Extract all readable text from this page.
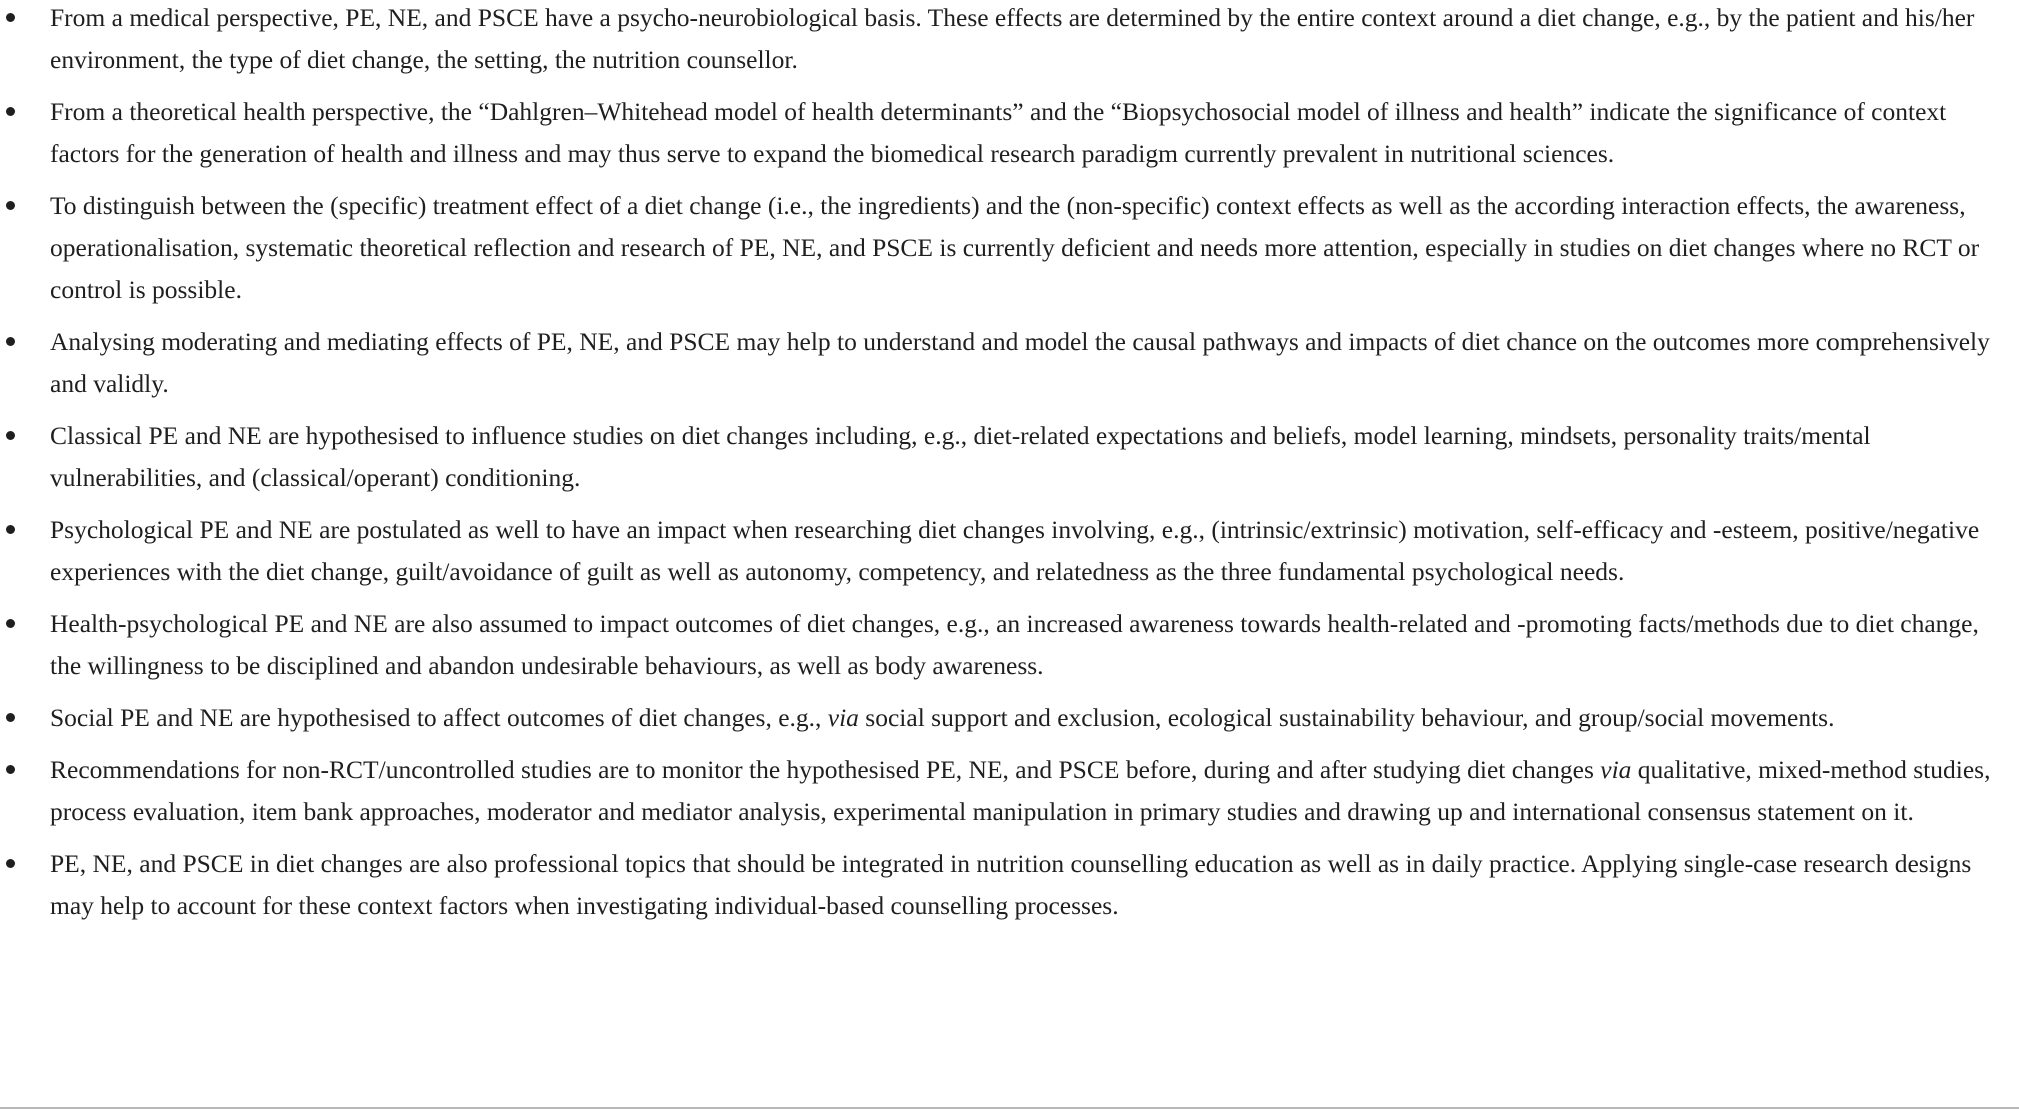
From a medical perspective, PE, NE, and PSCE have a psycho-neurobiological basis. These effects are determined by the entire context around a diet change, e.g., by the patient and his/her environment, the type of diet change, the setting, the nutrition counsellor.
From a theoretical health perspective, the “Dahlgren–Whitehead model of health determinants” and the “Biopsychosocial model of illness and health” indicate the significance of context factors for the generation of health and illness and may thus serve to expand the biomedical research paradigm currently prevalent in nutritional sciences.
To distinguish between the (specific) treatment effect of a diet change (i.e., the ingredients) and the (non-specific) context effects as well as the according interaction effects, the awareness, operationalisation, systematic theoretical reflection and research of PE, NE, and PSCE is currently deficient and needs more attention, especially in studies on diet changes where no RCT or control is possible.
Analysing moderating and mediating effects of PE, NE, and PSCE may help to understand and model the causal pathways and impacts of diet chance on the outcomes more comprehensively and validly.
Classical PE and NE are hypothesised to influence studies on diet changes including, e.g., diet-related expectations and beliefs, model learning, mindsets, personality traits/mental vulnerabilities, and (classical/operant) conditioning.
Psychological PE and NE are postulated as well to have an impact when researching diet changes involving, e.g., (intrinsic/extrinsic) motivation, self-efficacy and -esteem, positive/negative experiences with the diet change, guilt/avoidance of guilt as well as autonomy, competency, and relatedness as the three fundamental psychological needs.
Health-psychological PE and NE are also assumed to impact outcomes of diet changes, e.g., an increased awareness towards health-related and -promoting facts/methods due to diet change, the willingness to be disciplined and abandon undesirable behaviours, as well as body awareness.
Social PE and NE are hypothesised to affect outcomes of diet changes, e.g., via social support and exclusion, ecological sustainability behaviour, and group/social movements.
Recommendations for non-RCT/uncontrolled studies are to monitor the hypothesised PE, NE, and PSCE before, during and after studying diet changes via qualitative, mixed-method studies, process evaluation, item bank approaches, moderator and mediator analysis, experimental manipulation in primary studies and drawing up and international consensus statement on it.
PE, NE, and PSCE in diet changes are also professional topics that should be integrated in nutrition counselling education as well as in daily practice. Applying single-case research designs may help to account for these context factors when investigating individual-based counselling processes.
